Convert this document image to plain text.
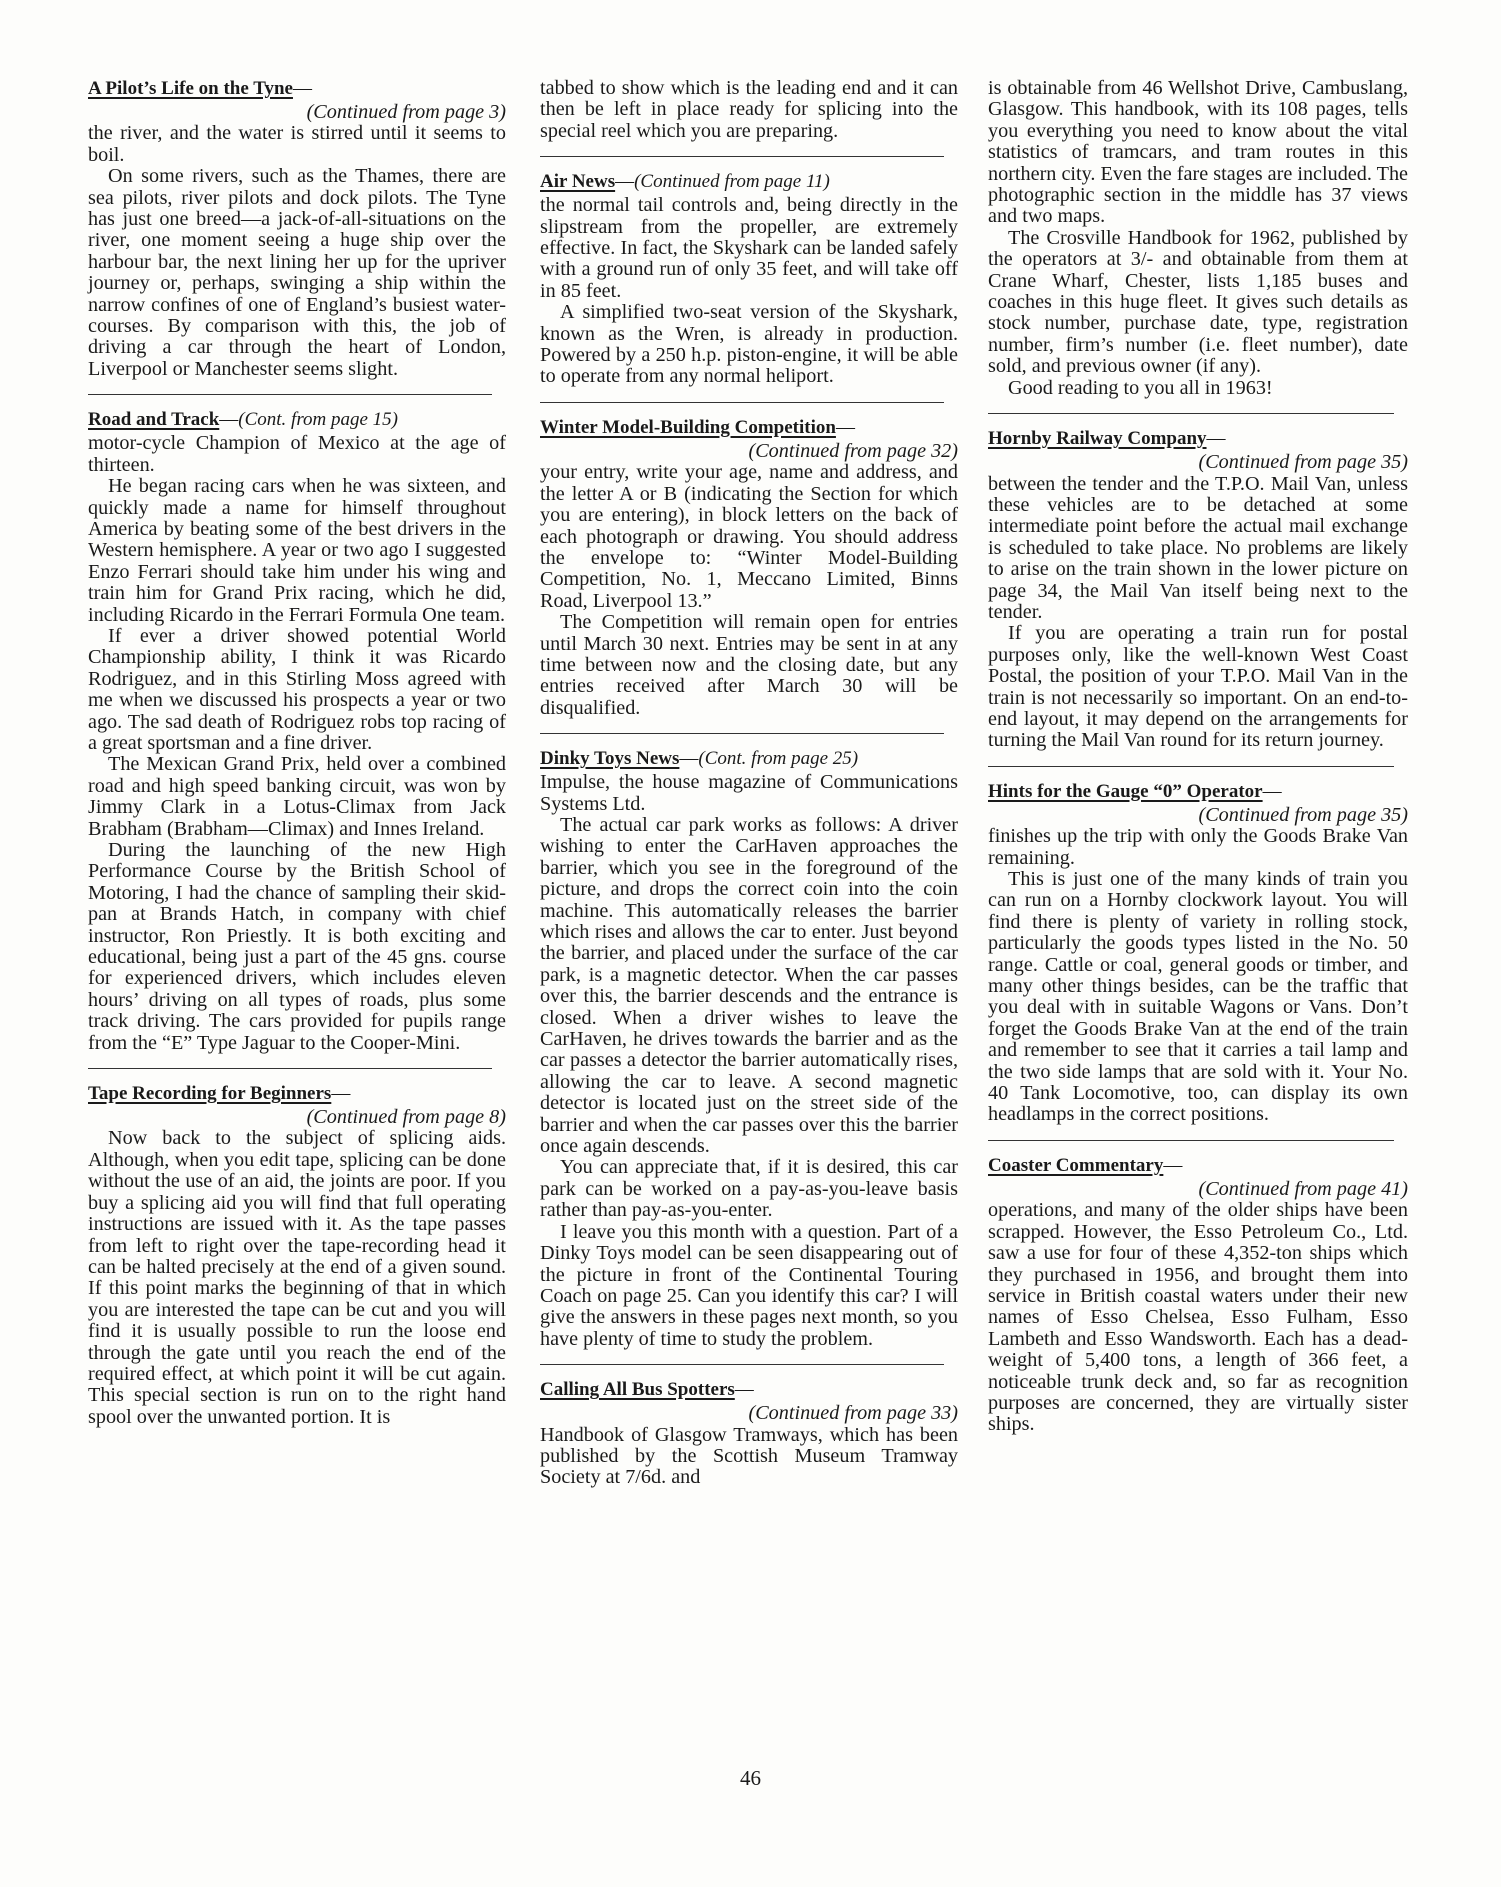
A Pilot’s Life on the Tyne—

(Continued from page 3)

the river, and the water is stirred until it seems to boil.

On some rivers, such as the Thames, there are sea pilots, river pilots and dock pilots. The Tyne has just one breed—a jack-of-all-situations on the river, one moment seeing a huge ship over the harbour bar, the next lining her up for the upriver journey or, perhaps, swinging a ship within the narrow confines of one of England’s busiest water-courses. By comparison with this, the job of driving a car through the heart of London, Liverpool or Manchester seems slight.

Road and Track—(Cont. from page 15)

motor-cycle Champion of Mexico at the age of thirteen.

He began racing cars when he was sixteen, and quickly made a name for himself throughout America by beating some of the best drivers in the Western hemisphere. A year or two ago I suggested Enzo Ferrari should take him under his wing and train him for Grand Prix racing, which he did, including Ricardo in the Ferrari Formula One team.

If ever a driver showed potential World Championship ability, I think it was Ricardo Rodriguez, and in this Stirling Moss agreed with me when we discussed his prospects a year or two ago. The sad death of Rodriguez robs top racing of a great sportsman and a fine driver.

The Mexican Grand Prix, held over a combined road and high speed banking circuit, was won by Jimmy Clark in a Lotus-Climax from Jack Brabham (Brabham—Climax) and Innes Ireland.

During the launching of the new High Performance Course by the British School of Motoring, I had the chance of sampling their skid-pan at Brands Hatch, in company with chief instructor, Ron Priestly. It is both exciting and educational, being just a part of the 45 gns. course for experienced drivers, which includes eleven hours’ driving on all types of roads, plus some track driving. The cars provided for pupils range from the “E” Type Jaguar to the Cooper-Mini.

Tape Recording for Beginners—

(Continued from page 8)

Now back to the subject of splicing aids. Although, when you edit tape, splicing can be done without the use of an aid, the joints are poor. If you buy a splicing aid you will find that full operating instructions are issued with it. As the tape passes from left to right over the tape-recording head it can be halted precisely at the end of a given sound. If this point marks the beginning of that in which you are interested the tape can be cut and you will find it is usually possible to run the loose end through the gate until you reach the end of the required effect, at which point it will be cut again. This special section is run on to the right hand spool over the unwanted portion. It is

tabbed to show which is the leading end and it can then be left in place ready for splicing into the special reel which you are preparing.

Air News—(Continued from page 11)

the normal tail controls and, being directly in the slipstream from the propeller, are extremely effective. In fact, the Skyshark can be landed safely with a ground run of only 35 feet, and will take off in 85 feet.

A simplified two-seat version of the Skyshark, known as the Wren, is already in production. Powered by a 250 h.p. piston-engine, it will be able to operate from any normal heliport.

Winter Model-Building Competition—

(Continued from page 32)

your entry, write your age, name and address, and the letter A or B (indicating the Section for which you are entering), in block letters on the back of each photograph or drawing. You should address the envelope to: “Winter Model-Building Competition, No. 1, Meccano Limited, Binns Road, Liverpool 13.”

The Competition will remain open for entries until March 30 next. Entries may be sent in at any time between now and the closing date, but any entries received after March 30 will be disqualified.

Dinky Toys News—(Cont. from page 25)

Impulse, the house magazine of Communications Systems Ltd.

The actual car park works as follows: A driver wishing to enter the CarHaven approaches the barrier, which you see in the foreground of the picture, and drops the correct coin into the coin machine. This automatically releases the barrier which rises and allows the car to enter. Just beyond the barrier, and placed under the surface of the car park, is a magnetic detector. When the car passes over this, the barrier descends and the entrance is closed. When a driver wishes to leave the CarHaven, he drives towards the barrier and as the car passes a detector the barrier automatically rises, allowing the car to leave. A second magnetic detector is located just on the street side of the barrier and when the car passes over this the barrier once again descends.

You can appreciate that, if it is desired, this car park can be worked on a pay-as-you-leave basis rather than pay-as-you-enter.

I leave you this month with a question. Part of a Dinky Toys model can be seen disappearing out of the picture in front of the Continental Touring Coach on page 25. Can you identify this car? I will give the answers in these pages next month, so you have plenty of time to study the problem.

Calling All Bus Spotters—

(Continued from page 33)

Handbook of Glasgow Tramways, which has been published by the Scottish Museum Tramway Society at 7/6d. and

is obtainable from 46 Wellshot Drive, Cambuslang, Glasgow. This handbook, with its 108 pages, tells you everything you need to know about the vital statistics of tramcars, and tram routes in this northern city. Even the fare stages are included. The photographic section in the middle has 37 views and two maps.

The Crosville Handbook for 1962, published by the operators at 3/- and obtainable from them at Crane Wharf, Chester, lists 1,185 buses and coaches in this huge fleet. It gives such details as stock number, purchase date, type, registration number, firm’s number (i.e. fleet number), date sold, and previous owner (if any).

Good reading to you all in 1963!

Hornby Railway Company—

(Continued from page 35)

between the tender and the T.P.O. Mail Van, unless these vehicles are to be detached at some intermediate point before the actual mail exchange is scheduled to take place. No problems are likely to arise on the train shown in the lower picture on page 34, the Mail Van itself being next to the tender.

If you are operating a train run for postal purposes only, like the well-known West Coast Postal, the position of your T.P.O. Mail Van in the train is not necessarily so important. On an end-to-end layout, it may depend on the arrangements for turning the Mail Van round for its return journey.

Hints for the Gauge “0” Operator—

(Continued from page 35)

finishes up the trip with only the Goods Brake Van remaining.

This is just one of the many kinds of train you can run on a Hornby clockwork layout. You will find there is plenty of variety in rolling stock, particularly the goods types listed in the No. 50 range. Cattle or coal, general goods or timber, and many other things besides, can be the traffic that you deal with in suitable Wagons or Vans. Don’t forget the Goods Brake Van at the end of the train and remember to see that it carries a tail lamp and the two side lamps that are sold with it. Your No. 40 Tank Locomotive, too, can display its own headlamps in the correct positions.

Coaster Commentary—

(Continued from page 41)

operations, and many of the older ships have been scrapped. However, the Esso Petroleum Co., Ltd. saw a use for four of these 4,352-ton ships which they purchased in 1956, and brought them into service in British coastal waters under their new names of Esso Chelsea, Esso Fulham, Esso Lambeth and Esso Wandsworth. Each has a dead-weight of 5,400 tons, a length of 366 feet, a noticeable trunk deck and, so far as recognition purposes are concerned, they are virtually sister ships.

46
